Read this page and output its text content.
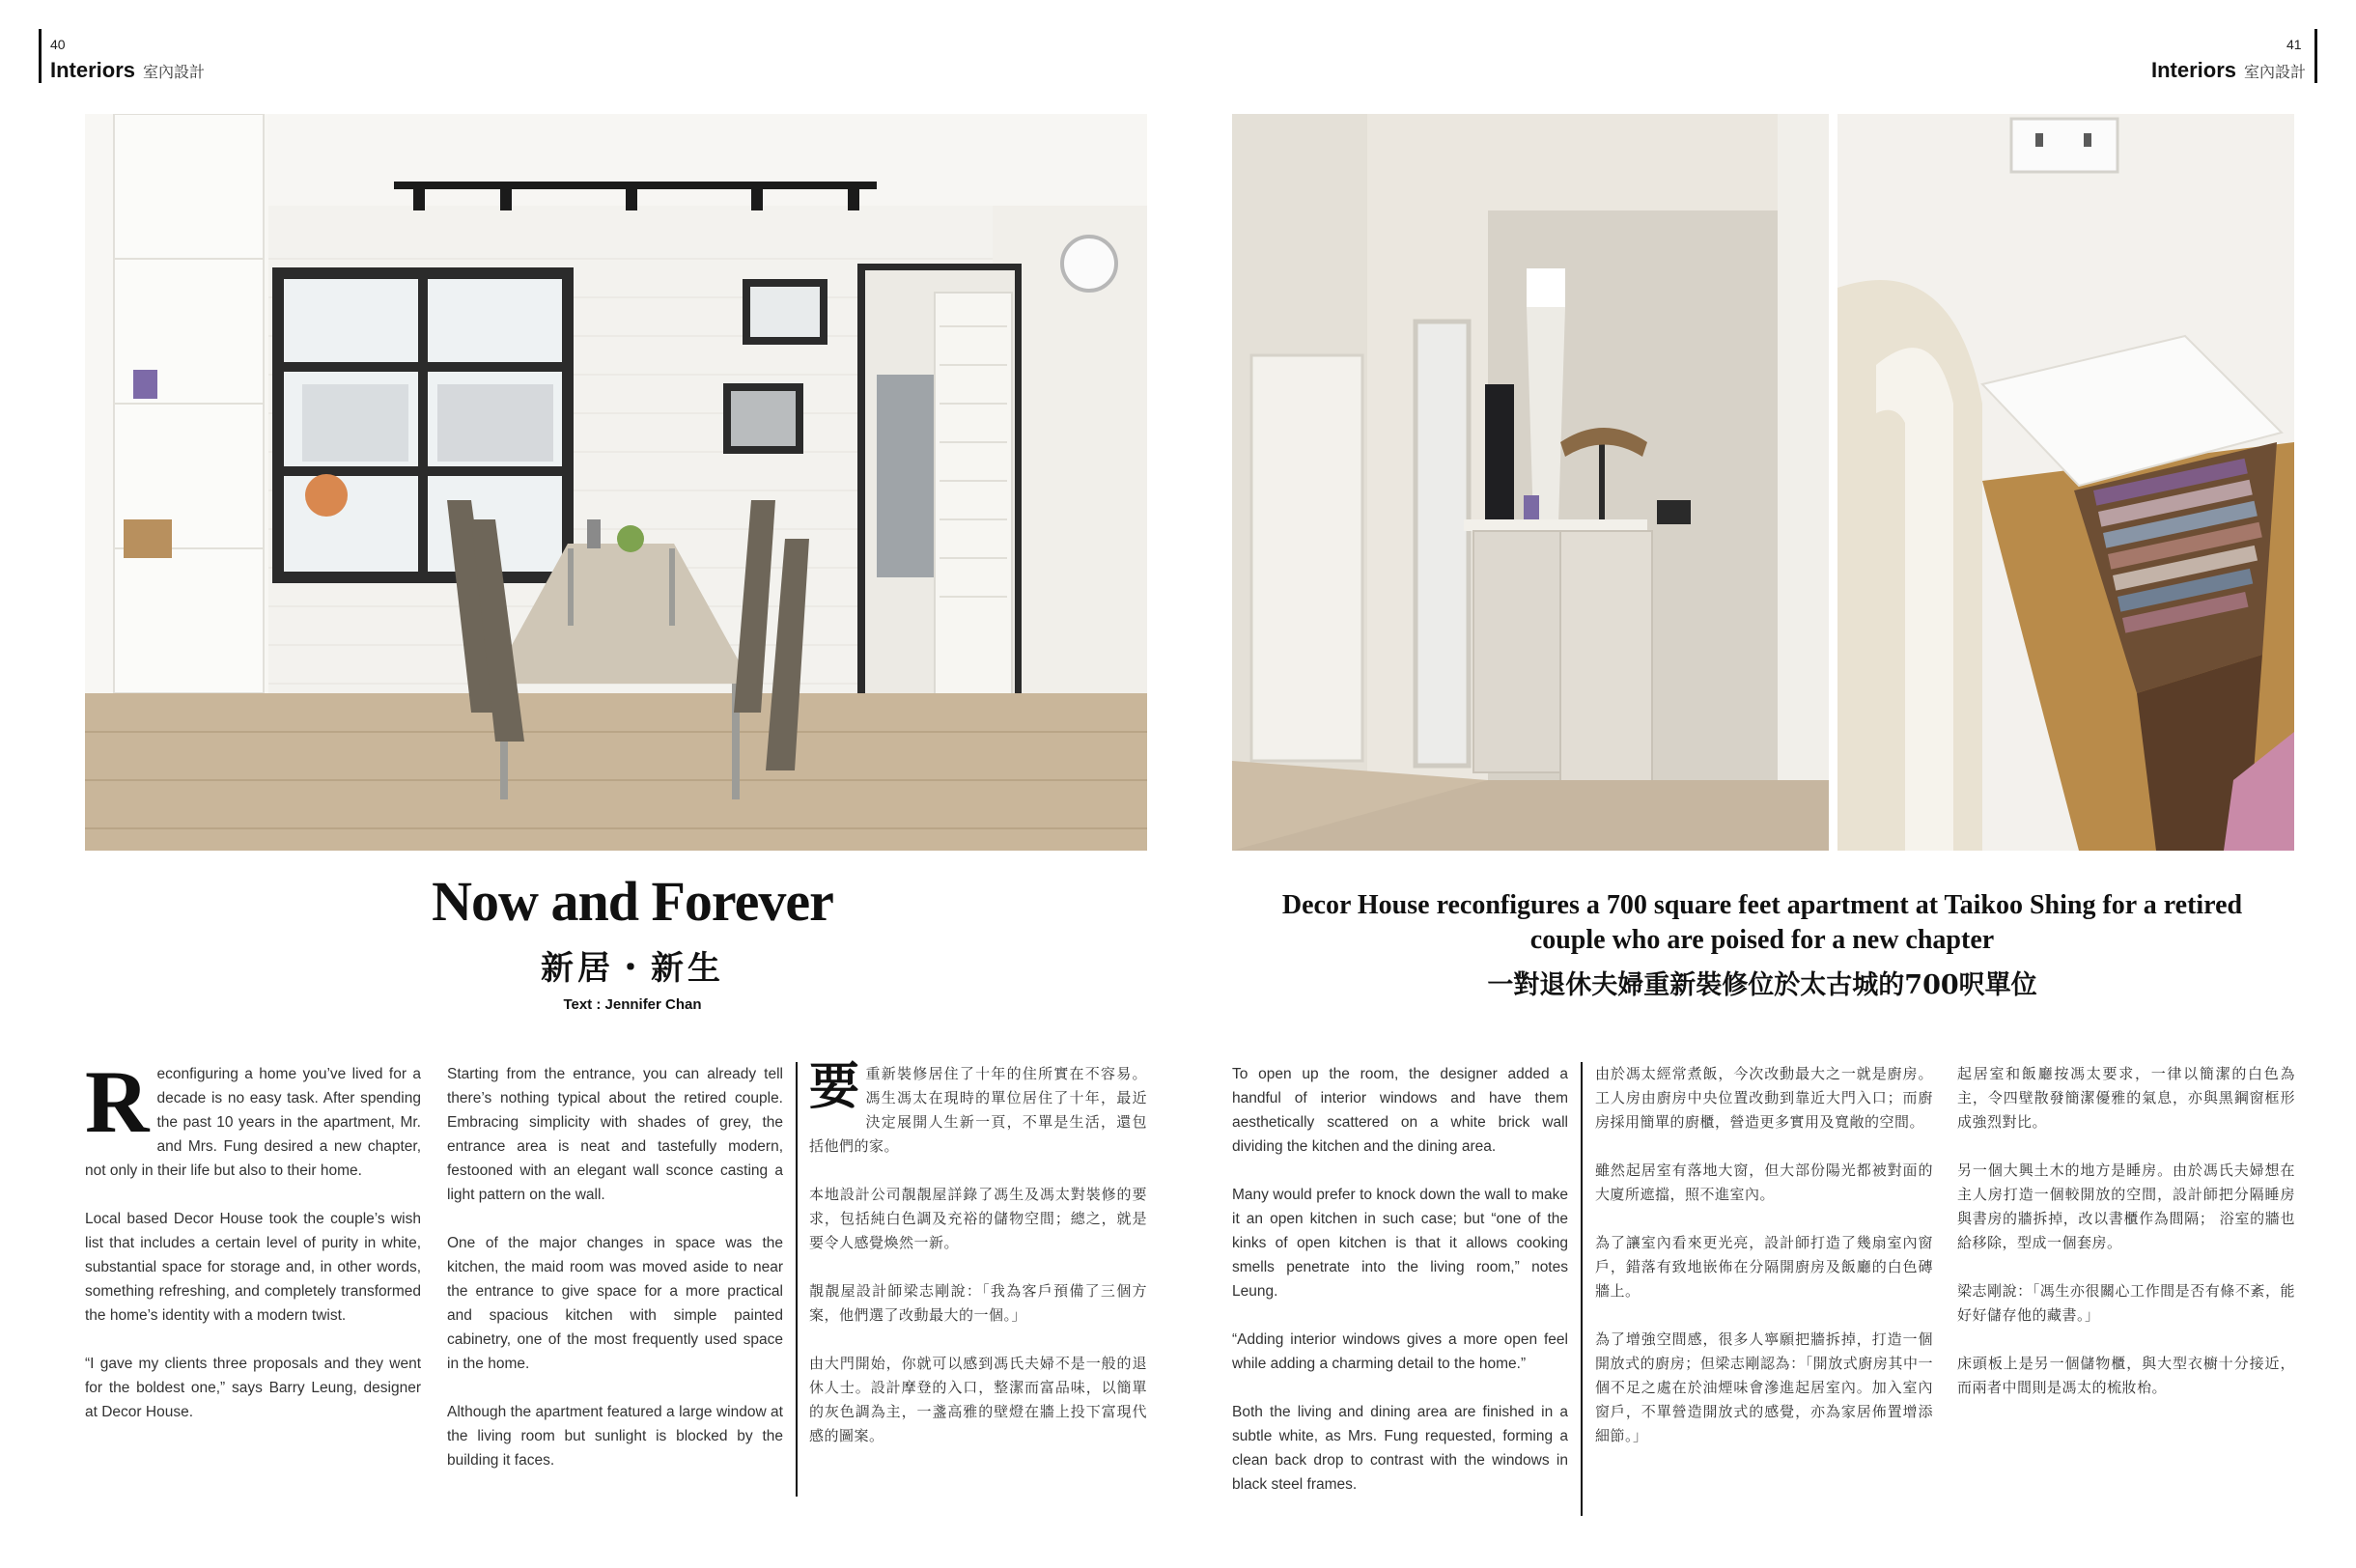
40
Interiors 室內設計
41
Interiors 室內設計
Now and Forever
新居・新生
Text : Jennifer Chan
Decor House reconfigures a 700 square feet apartment at Taikoo Shing for a retired couple who are poised for a new chapter
一對退休夫婦重新裝修位於太古城的700呎單位

Reconfiguring a home you’ve lived for a decade is no easy task. After spending the past 10 years in the apartment, Mr. and Mrs. Fung desired a new chapter, not only in their life but also to their home.

Local based Decor House took the couple’s wish list that includes a certain level of purity in white, substantial space for storage and, in other words, something refreshing, and completely transformed the home’s identity with a modern twist.

“I gave my clients three proposals and they went for the boldest one,” says Barry Leung, designer at Decor House.

Starting from the entrance, you can already tell there’s nothing typical about the retired couple. Embracing simplicity with shades of grey, the entrance area is neat and tastefully modern, festooned with an elegant wall sconce casting a light pattern on the wall.

One of the major changes in space was the kitchen, the maid room was moved aside to near the entrance to give space for a more practical and spacious kitchen with simple painted cabinetry, one of the most frequently used space in the home.

Although the apartment featured a large window at the living room but sunlight is blocked by the building it faces.

要重新裝修居住了十年的住所實在不容易。馮生馮太在現時的單位居住了十年，最近決定展開人生新一頁，不單是生活，還包括他們的家。

本地設計公司靚靚屋詳錄了馮生及馮太對裝修的要求，包括純白色調及充裕的儲物空間；總之，就是要令人感覺煥然一新。

靚靚屋設計師梁志剛說：「我為客戶預備了三個方案，他們選了改動最大的一個。」

由大門開始，你就可以感到馮氏夫婦不是一般的退休人士。設計摩登的入口，整潔而富品味，以簡單的灰色調為主，一盞高雅的壁燈在牆上投下富現代感的圖案。

To open up the room, the designer added a handful of interior windows and have them aesthetically scattered on a white brick wall dividing the kitchen and the dining area.

Many would prefer to knock down the wall to make it an open kitchen in such case; but “one of the kinks of open kitchen is that it allows cooking smells penetrate into the living room,” notes Leung.

“Adding interior windows gives a more open feel while adding a charming detail to the home.”

Both the living and dining area are finished in a subtle white, as Mrs. Fung requested, forming a clean back drop to contrast with the windows in black steel frames.

由於馮太經常煮飯，今次改動最大之一就是廚房。工人房由廚房中央位置改動到靠近大門入口；而廚房採用簡單的廚櫃，營造更多實用及寬敞的空間。

雖然起居室有落地大窗，但大部份陽光都被對面的大廈所遮擋，照不進室內。

為了讓室內看來更光亮，設計師打造了幾扇室內窗戶，錯落有致地嵌佈在分隔開廚房及飯廳的白色磚牆上。

為了增強空間感，很多人寧願把牆拆掉，打造一個開放式的廚房；但梁志剛認為：「開放式廚房其中一個不足之處在於油煙味會滲進起居室內。加入室內窗戶，不單營造開放式的感覺，亦為家居佈置增添細節。」

起居室和飯廳按馮太要求，一律以簡潔的白色為主，令四壁散發簡潔優雅的氣息，亦與黑鋼窗框形成強烈對比。

另一個大興土木的地方是睡房。由於馮氏夫婦想在主人房打造一個較開放的空間，設計師把分隔睡房與書房的牆拆掉，改以書櫃作為間隔； 浴室的牆也給移除，型成一個套房。

梁志剛說：「馮生亦很關心工作間是否有條不紊，能好好儲存他的藏書。」

床頭板上是另一個儲物櫃，與大型衣櫥十分接近，而兩者中間則是馮太的梳妝枱。
